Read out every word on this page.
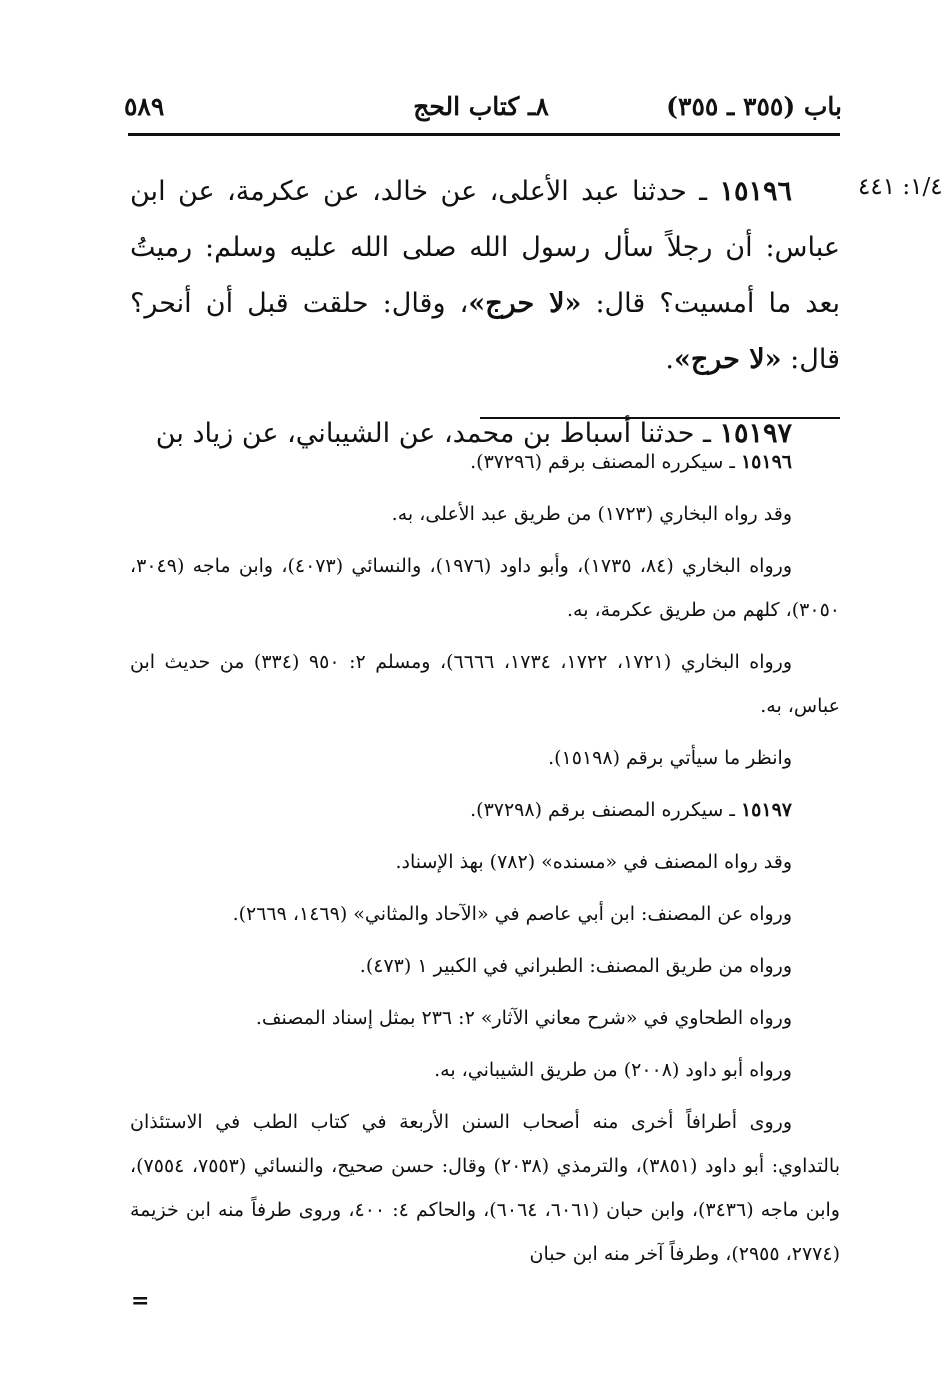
باب (٣٥٥ ـ ٣٥٥)
٨ـ كتاب الحج
٥٨٩
١/٤: ٤٤١

١٥١٩٦ ـ حدثنا عبد الأعلى، عن خالد، عن عكرمة، عن ابن عباس: أن رجلاً سأل رسول الله صلى الله عليه وسلم: رميتُ بعد ما أمسيت؟ قال: «لا حرج»، وقال: حلقت قبل أن أنحر؟ قال: «لا حرج».

١٥١٩٧ ـ حدثنا أسباط بن محمد، عن الشيباني، عن زياد بن

١٥١٩٦ ـ سيكرره المصنف برقم (٣٧٢٩٦).

وقد رواه البخاري (١٧٢٣) من طريق عبد الأعلى، به.

ورواه البخاري (٨٤، ١٧٣٥)، وأبو داود (١٩٧٦)، والنسائي (٤٠٧٣)، وابن ماجه (٣٠٤٩، ٣٠٥٠)، كلهم من طريق عكرمة، به.

ورواه البخاري (١٧٢١، ١٧٢٢، ١٧٣٤، ٦٦٦٦)، ومسلم ٢: ٩٥٠ (٣٣٤) من حديث ابن عباس، به.

وانظر ما سيأتي برقم (١٥١٩٨).

١٥١٩٧ ـ سيكرره المصنف برقم (٣٧٢٩٨).

وقد رواه المصنف في «مسنده» (٧٨٢) بهذ الإسناد.

ورواه عن المصنف: ابن أبي عاصم في «الآحاد والمثاني» (١٤٦٩، ٢٦٦٩).

ورواه من طريق المصنف: الطبراني في الكبير ١ (٤٧٣).

ورواه الطحاوي في «شرح معاني الآثار» ٢: ٢٣٦ بمثل إسناد المصنف.

ورواه أبو داود (٢٠٠٨) من طريق الشيباني، به.

وروى أطرافاً أخرى منه أصحاب السنن الأربعة في كتاب الطب في الاستئذان بالتداوي: أبو داود (٣٨٥١)، والترمذي (٢٠٣٨) وقال: حسن صحيح، والنسائي (٧٥٥٣، ٧٥٥٤)، وابن ماجه (٣٤٣٦)، وابن حبان (٦٠٦١، ٦٠٦٤)، والحاكم ٤: ٤٠٠، وروى طرفاً منه ابن خزيمة (٢٧٧٤، ٢٩٥٥)، وطرفاً آخر منه ابن حبان

=
